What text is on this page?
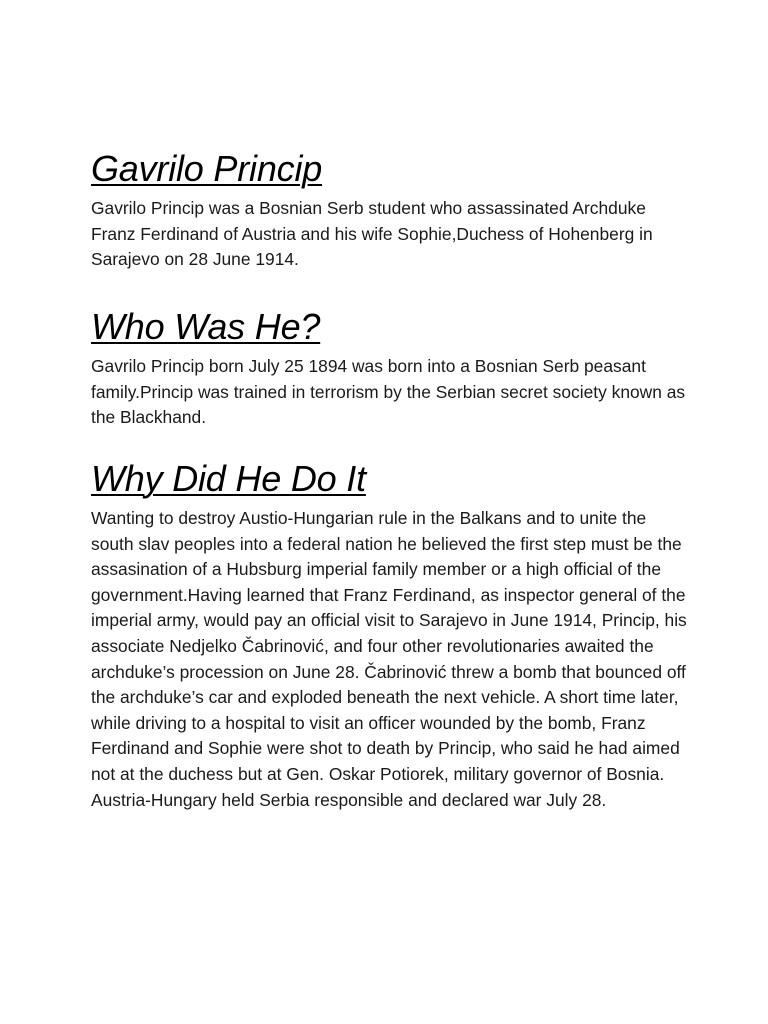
Gavrilo Princip

Gavrilo Princip was a Bosnian Serb student who assassinated Archduke Franz Ferdinand of Austria and his wife Sophie,Duchess of Hohenberg in Sarajevo on 28 June 1914.

Who Was He?

Gavrilo Princip born July 25 1894 was born into a Bosnian Serb peasant family.Princip was trained in terrorism by the Serbian secret society known as the Blackhand.

Why Did He Do It

Wanting to destroy Austio-Hungarian rule in the Balkans and to unite the south slav peoples into a federal nation he believed the first step must be the assasination of a Hubsburg imperial family member or a high official of the government.Having learned that Franz Ferdinand, as inspector general of the imperial army, would pay an official visit to Sarajevo in June 1914, Princip, his associate Nedjelko Čabrinović, and four other revolutionaries awaited the archduke’s procession on June 28. Čabrinović threw a bomb that bounced off the archduke’s car and exploded beneath the next vehicle. A short time later, while driving to a hospital to visit an officer wounded by the bomb, Franz Ferdinand and Sophie were shot to death by Princip, who said he had aimed not at the duchess but at Gen. Oskar Potiorek, military governor of Bosnia. Austria-Hungary held Serbia responsible and declared war July 28.
